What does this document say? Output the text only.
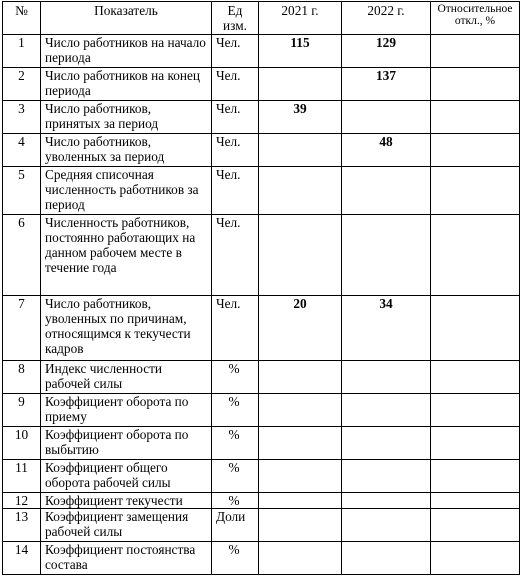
№	Показатель	Ед изм.	2021 г.	2022 г.	Относительное откл., %
1	Число работников на начало периода	Чел.	115	129	
2	Число работников на конец периода	Чел.		137	
3	Число работников, принятых за период	Чел.	39		
4	Число работников, уволенных за период	Чел.		48	
5	Средняя списочная численность работников за период	Чел.			
6	Численность работников, постоянно работающих на данном рабочем месте в течение года	Чел.			
7	Число работников, уволенных по причинам, относящимся к текучести кадров	Чел.	20	34	
8	Индекс численности рабочей силы	%			
9	Коэффициент оборота по приему	%			
10	Коэффициент оборота по выбытию	%			
11	Коэффициент общего оборота рабочей силы	%			
12	Коэффициент текучести	%			
13	Коэффициент замещения рабочей силы	Доли			
14	Коэффициент постоянства состава	%			
